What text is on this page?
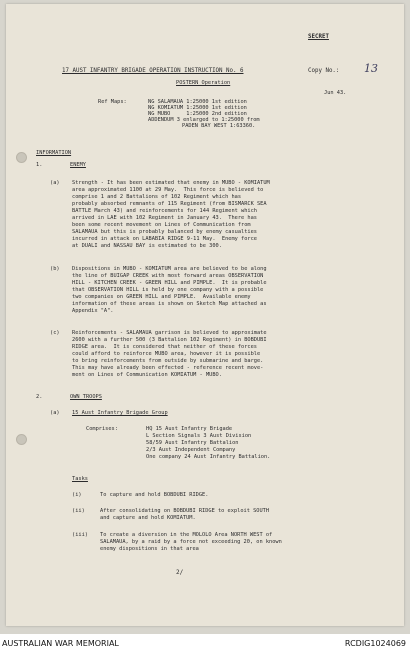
SECRET
17 AUST INFANTRY BRIGADE OPERATION INSTRUCTION No. 6	Copy No.: 13
POSTERN Operation
Jun 43.
Ref Maps:	NG SALAMAUA 1:25000 1st edition
NG KOMIATUM 1:25000 1st edition
NG MUBO     1:25000 2nd edition
ADDENDUM 3 enlarged to 1:25000 from
PADEN BAY WEST 1:63360.
INFORMATION
1.	ENEMY
(a) Strength - It has been estimated that enemy in MUBO - KOMIATUM
area approximated 1100 at 29 May.  This force is believed to
comprise 1 and 2 Battalions of 102 Regiment which has
probably absorbed remnants of 115 Regiment (from BISMARCK SEA
BATTLE March 43) and reinforcements for 144 Regiment which
arrived in LAE with 102 Regiment in January 43.  There has
been some recent movement on Lines of Communication from
SALAMAUA but this is probably balanced by enemy casualties
incurred in attack on LABABIA RIDGE 9-11 May.  Enemy force
at DUALI and NASSAU BAY is estimated to be 300.
(b) Dispositions in MUBO - KOMIATUM area are believed to be along
the line of BUIGAP CREEK with most forward areas OBSERVATION
HILL - KITCHEN CREEK - GREEN HILL and PIMPLE.  It is probable
that OBSERVATION HILL is held by one company with a possible
two companies on GREEN HILL and PIMPLE.  Available enemy
information of these areas is shown on Sketch Map attached as
Appendix "A".
(c) Reinforcements - SALAMAUA garrison is believed to approximate
2600 with a further 500 (3 Battalion 102 Regiment) in BOBDUBI
RIDGE area.  It is considered that neither of these forces
could afford to reinforce MUBO area, however it is possible
to bring reinforcements from outside by submarine and barge.
This may have already been effected - reference recent move-
ment on Lines of Communication KOMIATUM - MUBO.
2.	OWN TROOPS
(a) 15 Aust Infantry Brigade Group
Comprises:	HQ 15 Aust Infantry Brigade
L Section Signals 3 Aust Division
58/59 Aust Infantry Battalion
2/3 Aust Independent Company
One company 24 Aust Infantry Battalion.
Tasks
(i)	To capture and hold BOBDUBI RIDGE.
(ii)	After consolidating on BOBDUBI RIDGE to exploit SOUTH
and capture and hold KOMIATUM.
(iii) To create a diversion in the MOLOLO Area NORTH WEST of
SALAMAUA, by a raid by a force not exceeding 20, on known
enemy dispositions in that area
2/
AUSTRALIAN WAR MEMORIAL	RCDIG1024069
